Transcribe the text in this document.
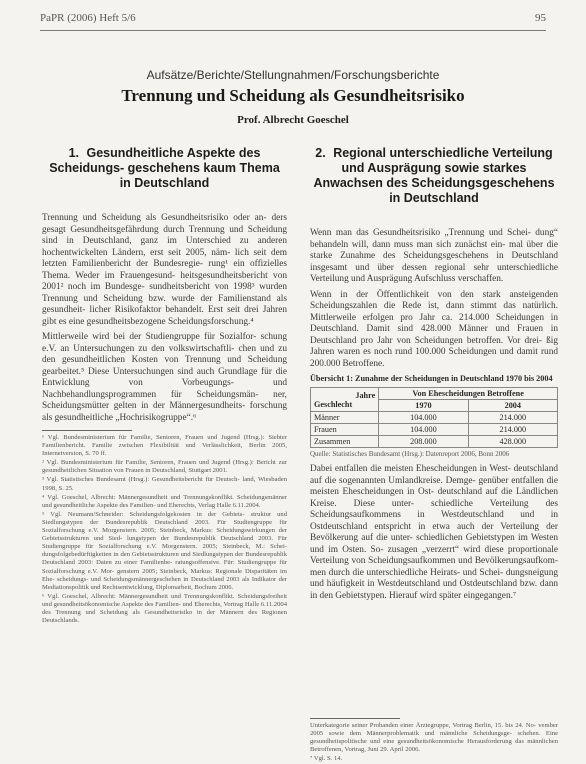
PaPR (2006) Heft 5/6	95
Aufsätze/Berichte/Stellungnahmen/Forschungsberichte
Trennung und Scheidung als Gesundheitsrisiko
Prof. Albrecht Goeschel
1. Gesundheitliche Aspekte des Scheidungs- geschehens kaum Thema in Deutschland

Trennung und Scheidung als Gesundheitsrisiko oder an- ders gesagt Gesundheitsgefährdung durch Trennung und Scheidung sind in Deutschland, ganz im Unterschied zu anderen hochentwickelten Ländern, erst seit 2005, näm- lich seit dem letzten Familienbericht der Bundesregie- rung¹ ein offizielles Thema. Weder im Frauengesund- heitsgesundheitsbericht von 2001² noch im Bundesge- sundheitsbericht von 1998³ wurden Trennung und Scheidung bzw. wurde der Familienstand als gesundheit- licher Risikofaktor behandelt. Erst seit drei Jahren gibt es eine gesundheitsbezogene Scheidungsforschung.⁴

Mittlerweile wird bei der Studiengruppe für Sozialfor- schung e.V. an Untersuchungen zu den volkswirtschaftli- chen und zu den gesundheitlichen Kosten von Trennung und Scheidung gearbeitet.⁵ Diese Untersuchungen sind auch Grundlage für die Entwicklung von Vorbeugungs- und Nachbehandlungsprogrammen für Scheidungsmän- ner, Scheidungsmütter gelten in der Männergesundheits- forschung als gesundheitliche „Hochrisikogruppe“.⁶

¹ Vgl. Bundesministerium für Familie, Senioren, Frauen und Jugend (Hrsg.): Siebter Familienbericht. Familie zwischen Flexibilität und Verlässlichkeit, Berlin 2005, Internetversion, S. 70 ff.

² Vgl. Bundesministerium für Familie, Senioren, Frauen und Jugend (Hrsg.): Bericht zur gesundheitlichen Situation von Frauen in Deutschland, Stuttgart 2001.

³ Vgl. Statistisches Bundesamt (Hrsg.): Gesundheitsbericht für Deutsch- land, Wiesbaden 1998, S. 25.

⁴ Vgl. Goeschel, Albrecht: Männergesundheit und Trennungskonflikt. Scheidungsmänner und gesundheitliche Aspekte des Familien- und Eherechts, Verlag Halle 6.11.2004.

⁵ Vgl. Neumann/Schneider: Scheidungsfolgekosten in der Gebiets- struktur und Siedlungstypen der Bundesrepublik Deutschland 2003. Für Studiengruppe für Sozialforschung e.V. Morgenstern. 2005; Steinbeck, Markus: Scheidungswirkungen der Gebietsstrukturen und Sied- lungstypen der Bundesrepublik Deutschland 2003. Für Studiengruppe für Sozialforschung e.V. Morgenstern. 2005; Steinbeck, M.: Schei- dungsfolgebedürftigkeiten in den Gebietsstrukturen und Siedlungstypen der Bundesrepublik Deutschland 2003: Daten zu einer Familienbe- ratungsoffensive. Für: Studiengruppe für Sozialforschung e.V. Mor- genstern 2005; Steinbeck, Markus: Regionale Disparitäten im Ehe- scheidungs- und Scheidungsmännergeschehen in Deutschland 2003 als Indikator der Mediationspolitik und Rechtsentwicklung, Diplomarbeit, Bochum 2006.

⁶ Vgl. Goeschel, Albrecht: Männergesundheit und Trennungskonflikt. Scheidungsfreiheit und gesundheitsökonomische Aspekte des Familien- und Eherechts, Vortrag Halle 6.11.2004 des Trennung und Scheidung als Gesundheitsrisiko in der Männern des Regionen Deutschlands.

2. Regional unterschiedliche Verteilung und Ausprägung sowie starkes Anwachsen des Scheidungsgeschehens in Deutschland

Wenn man das Gesundheitsrisiko „Trennung und Schei- dung“ behandeln will, dann muss man sich zunächst ein- mal über die starke Zunahme des Scheidungsgeschehens in Deutschland insgesamt und über dessen regional sehr unterschiedliche Verteilung und Ausprägung Aufschluss verschaffen.

Wenn in der Öffentlichkeit von den stark ansteigenden Scheidungszahlen die Rede ist, dann stimmt das natürlich. Mittlerweile erfolgen pro Jahr ca. 214.000 Scheidungen in Deutschland. Damit sind 428.000 Männer und Frauen in Deutschland pro Jahr von Scheidungen betroffen. Vor drei- ßig Jahren waren es noch rund 100.000 Scheidungen und damit rund 200.000 Betroffene.

Übersicht 1: Zunahme der Scheidungen in Deutschland 1970 bis 2004
Jahre
Geschlecht	Von Ehescheidungen Betroffene	
	1970	2004
Männer	104.000	214.000
Frauen	104.000	214.000
Zusammen	208.000	428.000
Quelle: Statistisches Bundesamt (Hrsg.): Datenreport 2006, Bonn 2006

Dabei entfallen die meisten Ehescheidungen in West- deutschland auf die sogenannten Umlandkreise. Demge- genüber entfallen die meisten Ehescheidungen in Ost- deutschland auf die Ländlichen Kreise. Diese unter- schiedliche Verteilung des Scheidungsaufkommens in Westdeutschland und in Ostdeutschland entspricht in etwa auch der Verteilung der Bevölkerung auf die unter- schiedlichen Gebietstypen im Westen und im Osten. So- zusagen „verzerrt“ wird diese proportionale Verteilung von Scheidungsaufkommen und Bevölkerungsaufkom- men durch die unterschiedliche Heirats- und Schei- dungsneigung und häufigkeit in Westdeutschland und Ostdeutschland bzw. dann in den Gebietstypen. Hierauf wird später eingegangen.⁷

Unterkategorie seiner Probanden einer Ärztegruppe, Vortrag Berlin, 15. bis 24. No- vember 2005 sowie dem Männerproblematik und männliche Scheidungsge- schehen. Eine gesundheitspolitische und eine gesundheitsökonomische Herausforderung das männlichen Betroffenen, Vortrag, Juni 29. April 2006.

⁷ Vgl. S. 14.
